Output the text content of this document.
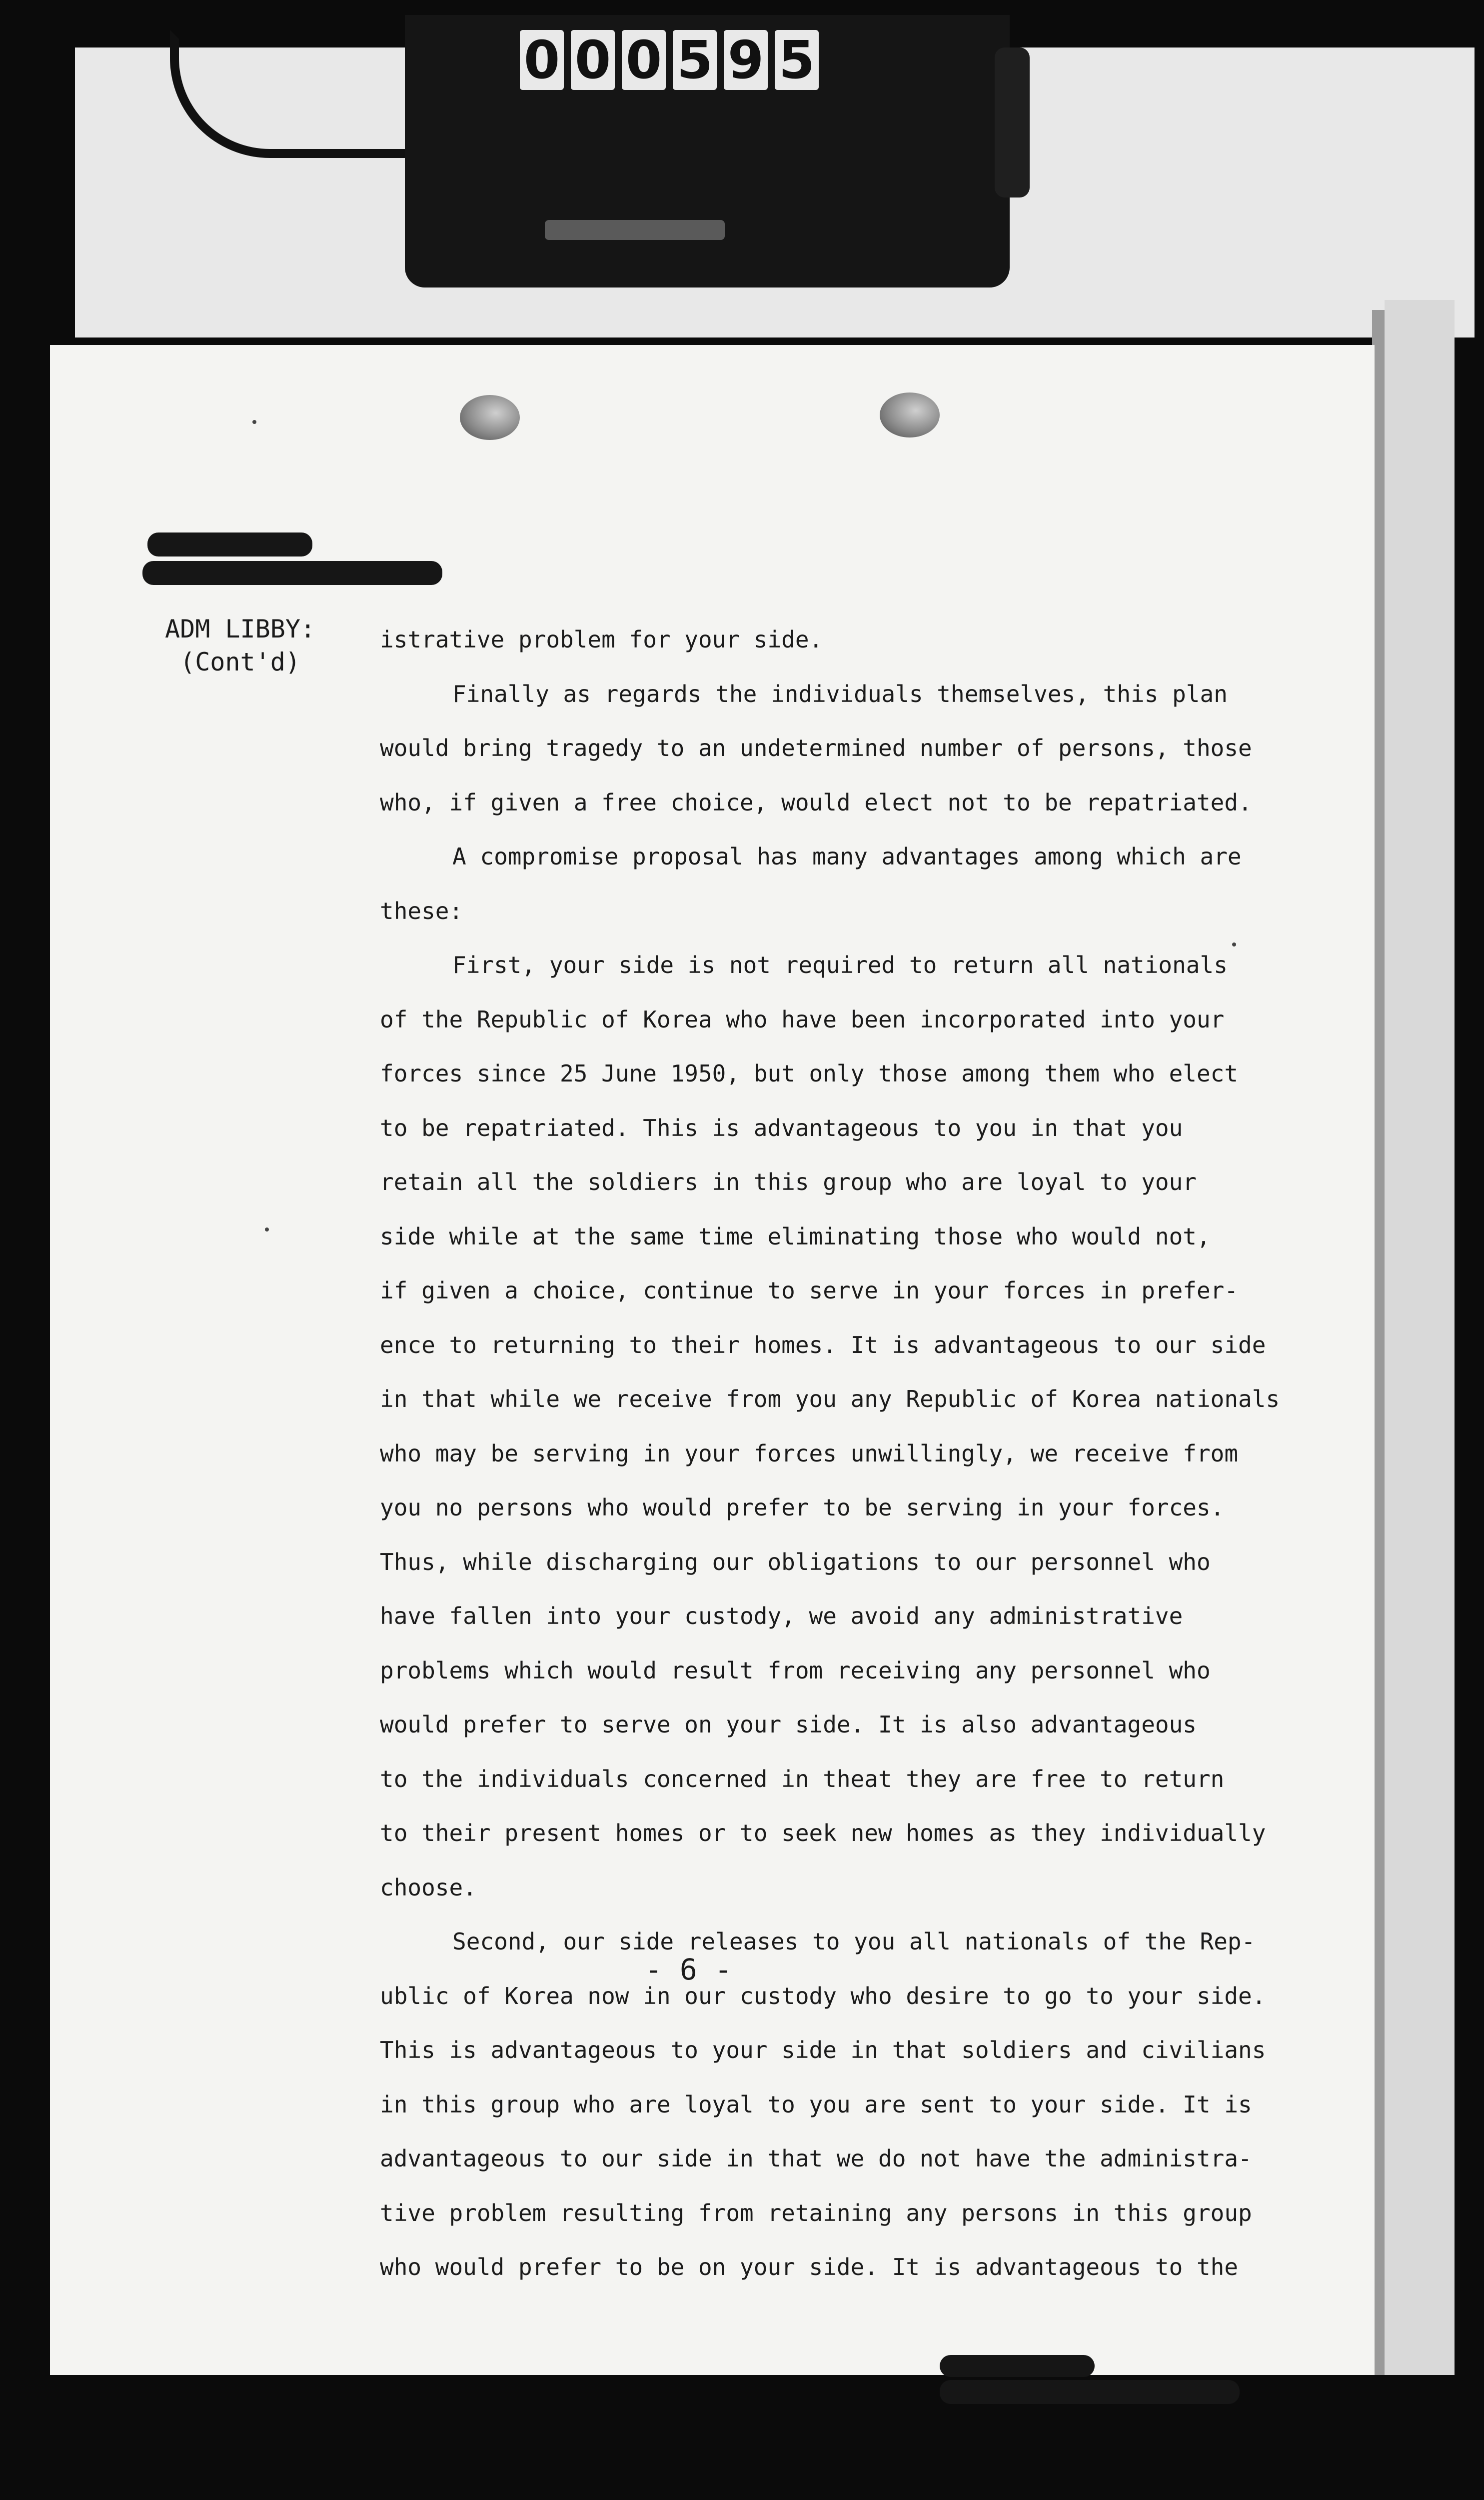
0 0 0 5 9 5
ADM LIBBY:
(Cont'd)
istrative problem for your side.
Finally as regards the individuals themselves, this plan
would bring tragedy to an undetermined number of persons, those
who, if given a free choice, would elect not to be repatriated.
A compromise proposal has many advantages among which are
these:
First, your side is not required to return all nationals
of the Republic of Korea who have been incorporated into your
forces since 25 June 1950, but only those among them who elect
to be repatriated. This is advantageous to you in that you
retain all the soldiers in this group who are loyal to your
side while at the same time eliminating those who would not,
if given a choice, continue to serve in your forces in prefer-
ence to returning to their homes. It is advantageous to our side
in that while we receive from you any Republic of Korea nationals
who may be serving in your forces unwillingly, we receive from
you no persons who would prefer to be serving in your forces.
Thus, while discharging our obligations to our personnel who
have fallen into your custody, we avoid any administrative
problems which would result from receiving any personnel who
would prefer to serve on your side. It is also advantageous
to the individuals concerned in theat they are free to return
to their present homes or to seek new homes as they individually
choose.
Second, our side releases to you all nationals of the Rep-
ublic of Korea now in our custody who desire to go to your side.
This is advantageous to your side in that soldiers and civilians
in this group who are loyal to you are sent to your side. It is
advantageous to our side in that we do not have the administra-
tive problem resulting from retaining any persons in this group
who would prefer to be on your side. It is advantageous to the
- 6 -
